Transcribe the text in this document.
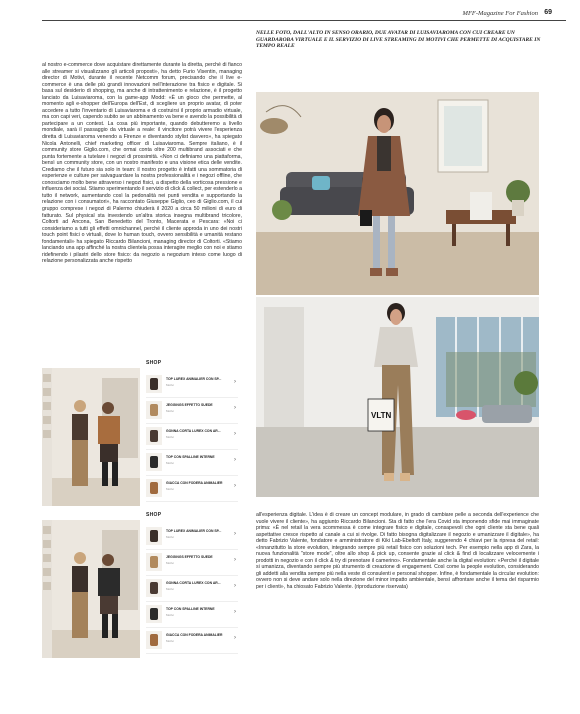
MFF-Magazine For Fashion 69
al nostro e-commerce dove acquistare direttamente durante la diretta, perché di fianco alle streamer si visualizzano gli articoli proposti», ha detto Furio Visentin, managing director di Motivi, durante il recente Netcomm forum, precisando che il live e-commerce è una delle più grandi innovazioni nell'interazione tra fisico e digitale. Si basa sul desiderio di shopping, ma anche di intrattenimento e relazione, è il progetto lanciato da Luisaviaroma, con la game-app Modd: «È un gioco che permette, al momento agli e-shopper dell'Europa dell'Est, di scegliere un proprio avatar, di poter accedere a tutto l'inventario di Luisaviaroma e di costruirsi il proprio armadio virtuale, ma con capi veri, capendo subito se un abbinamento va bene e avendo la possibilità di partecipare a un contest. La cosa più importante, quando debutteremo a livello mondiale, sarà il passaggio da virtuale a reale: il vincitore potrà vivere l'esperienza diretta di Luisaviaroma venendo a Firenze e diventando stylist davvero», ha spiegato Nicola Antonelli, chief marketing officer di Luisaviaroma. Sempre italiano, è il community store Giglio.com, che ormai conta oltre 200 multibrand associati e che punta fortemente a tutelare i negozi di prossimità. «Non ci definiamo una piattaforma, bensì un community store, con un nostro manifesto e una visione etica delle vendite. Crediamo che il futuro sia solo in team: il nostro progetto è infatti una sommatoria di esperienze e culture per salvaguardare la nostra professionalità e i negozi offline, che conosciamo molto bene attraverso i negozi fisici, a dispetto della vorticosa pressione e influenza dei social. Stiamo sperimentando il servizio di click & collect, per estenderlo a tutto il network, aumentando così la pedonalità nei punti vendita e supportando la relazione con i consumatori», ha raccontato Giuseppe Giglio, ceo di Giglio.com, il cui gruppo comprese i negozi di Palermo chiuderà il 2020 a circa 50 milioni di euro di fatturato. Sul physical sta investendo un'altra storica insegna multibrand tricolore, Coltorti ad Ancona, San Benedetto del Tronto, Macerata e Pescara: «Noi ci consideriamo a tutti gli effetti omnichannel, perché il cliente approda in uno dei nostri touch point fisici o virtuali, dove lo human touch, ovvero sensibilità e umanità restano fondamentali» ha spiegato Riccardo Bilancioni, managing director di Coltorti. «Stiamo lanciando una app affinché la nostra clientela possa interagire meglio con noi e stiamo ridefinendo i pilastri dello store fisico: da negozio a negozium inteso come luogo di relazione personalizzata anche rispetto
NELLE FOTO, DALL'ALTO IN SENSO ORARIO, DUE AVATAR DI LUISAVIAROMA CON CUI CREARE UN GUARDAROBA VIRTUALE E IL SERVIZIO DI LIVE STREAMING DI MOTIVI CHE PERMETTE DI ACQUISTARE IN TEMPO REALE
VLTN
SHOP
TOP LUREX ANIMALIER CON SP...
Motivi	›
JEGGINGS EFFETTO SUEDE
Motivi	›
GONNA CORTA LUREX CON AR...
Motivi	›
TOP CON SPALLINE INTERNE
Motivi	›
GIACCA CON FODERA ANIMALIER
Motivi	›
SHOP
TOP LUREX ANIMALIER CON SP...
Motivi	›
JEGGINGS EFFETTO SUEDE
Motivi	›
GONNA CORTA LUREX CON AR...
Motivi	›
TOP CON SPALLINE INTERNE
Motivi	›
GIACCA CON FODERA ANIMALIER
Motivi	›
all'esperienza digitale. L'idea è di creare un concept modulare, in grado di cambiare pelle a seconda dell'experience che vuole vivere il cliente», ha aggiunto Riccardo Bilancioni. Sta di fatto che l'era Covid sta imponendo sfide mai immaginate prima: «È nel retail la vera scommessa è come integrare fisico e digitale, consapevoli che ogni cliente sta bene quali aspettative cresce rispetto al canale a cui si rivolge. Di fatto bisogna digitalizzare il negozio e umanizzare il digitale», ha detto Fabrizio Valente, fondatore e amministratore di Kiki Lab-Ebeltoft Italy, suggerendo 4 chiavi per la ripresa del retail: «Innanzitutto la store evolution, integrando sempre più retail fisico con soluzioni tech. Per esempio nella app di Zara, la nuova funzionalità "store mode", oltre allo shop & pick up, consente grazie al click & find di localizzare velocemente i prodotti in negozio e con il click & try di prenotare il camerino». Fondamentale anche la digital evolution: «Perché il digitale si umanizza, diventando sempre più strumento di creazione di engagement. Così come la people evolution, considerando gli addetti alla vendita sempre più nella veste di consulenti e personal shopper. Infine, è fondamentale la circular evolution: ovvero non si deve andare solo nella direzione del minor impatto ambientale, bensì affrontare anche il tema del risparmio per i clienti», ha chiosato Fabrizio Valente. (riproduzione riservata)
